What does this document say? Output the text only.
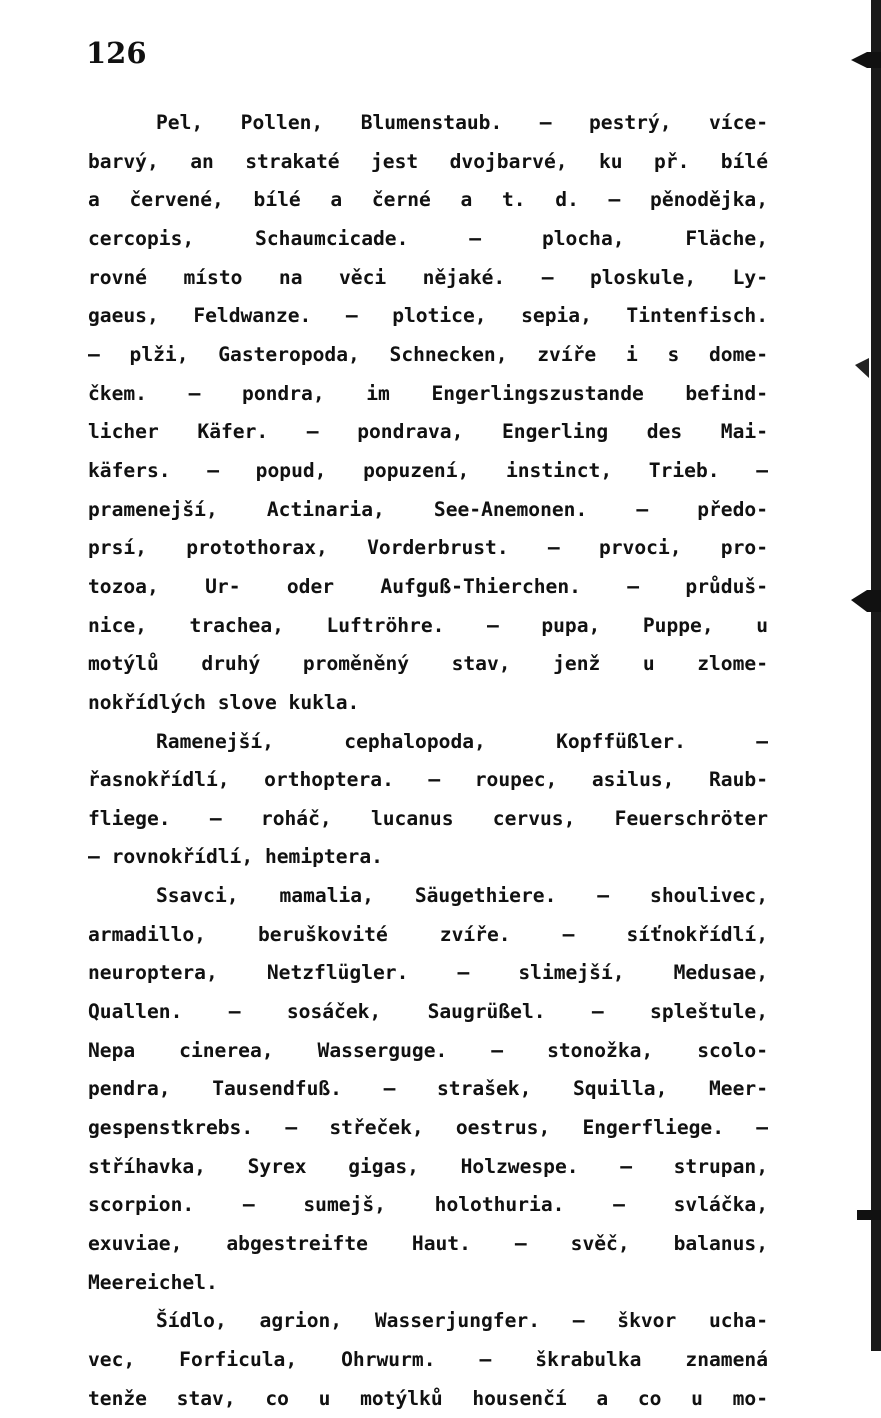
126
Pel, Pollen, Blumenstaub. — pestrý, více-
barvý, an strakaté jest dvojbarvé, ku př. bílé
a červené, bílé a černé a t. d. — pěnodějka,
cercopis, Schaumcicade. — plocha, Fläche,
rovné místo na věci nějaké. — ploskule, Ly-
gaeus, Feldwanze. — plotice, sepia, Tintenfisch.
— plži, Gasteropoda, Schnecken, zvíře i s dome-
čkem. — pondra, im Engerlingszustande befind-
licher Käfer. — pondrava, Engerling des Mai-
käfers. — popud, popuzení, instinct, Trieb. —
pramenejší, Actinaria, See-Anemonen. — předo-
prsí, protothorax, Vorderbrust. — prvoci, pro-
tozoa, Ur- oder Aufguß-Thierchen. — průduš-
nice, trachea, Luftröhre. — pupa, Puppe, u
motýlů druhý proměněný stav, jenž u zlome-
nokřídlých slove kukla.
Ramenejší, cephalopoda, Kopffüßler. —
řasnokřídlí, orthoptera. — roupec, asilus, Raub-
fliege. — roháč, lucanus cervus, Feuerschröter
— rovnokřídlí, hemiptera.
Ssavci, mamalia, Säugethiere. — shoulivec,
armadillo, beruškovité zvíře. — síťnokřídlí,
neuroptera, Netzflügler. — slimejší, Medusae,
Quallen. — sosáček, Saugrüßel. — spleštule,
Nepa cinerea, Wasserguge. — stonožka, scolo-
pendra, Tausendfuß. — strašek, Squilla, Meer-
gespenstkrebs. — střeček, oestrus, Engerfliege. —
stříhavka, Syrex gigas, Holzwespe. — strupan,
scorpion. — sumejš, holothuria. — svláčka,
exuviae, abgestreifte Haut. — svěč, balanus,
Meereichel.
Šídlo, agrion, Wasserjungfer. — škvor ucha-
vec, Forficula, Ohrwurm. — škrabulka znamená
tenže stav, co u motýlků housenčí a co u mo-
